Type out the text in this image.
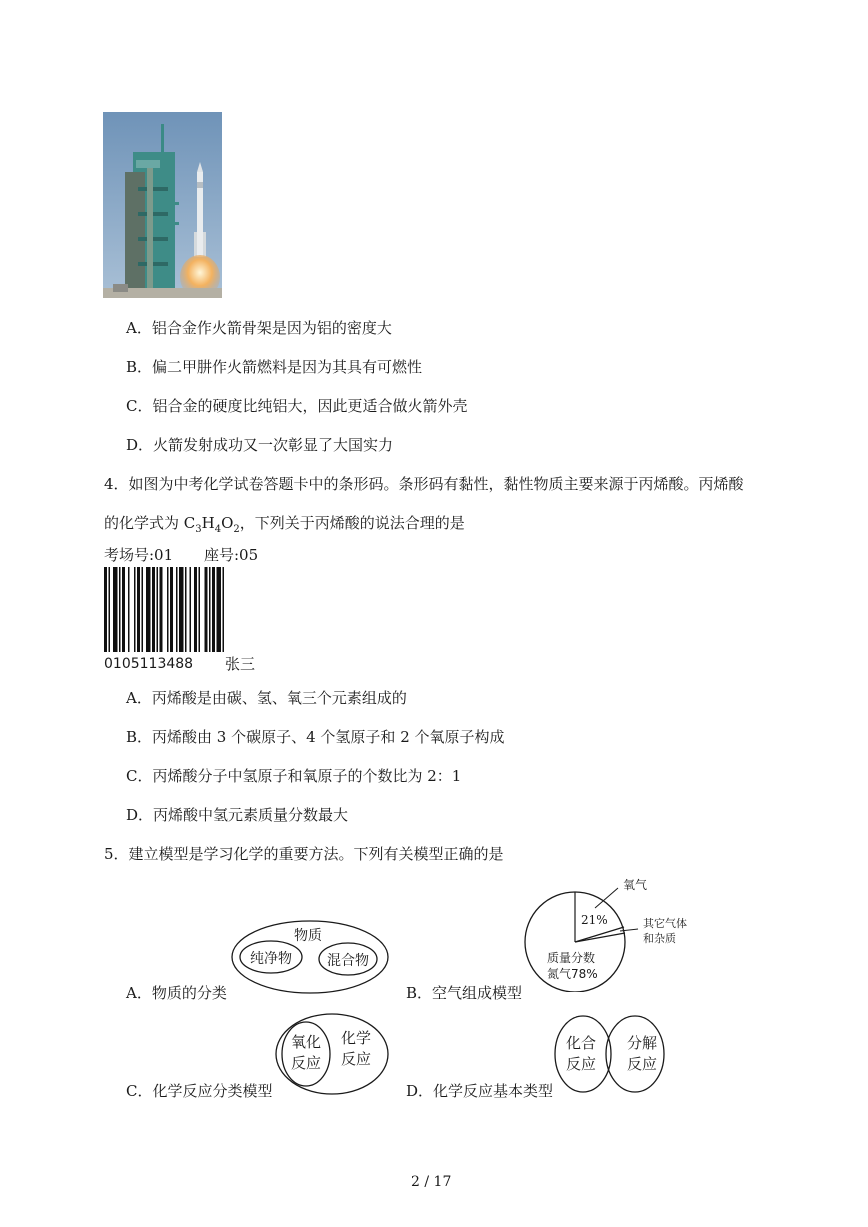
A．铝合金作火箭骨架是因为铝的密度大
B．偏二甲肼作火箭燃料是因为其具有可燃性
C．铝合金的硬度比纯铝大，因此更适合做火箭外壳
D．火箭发射成功又一次彰显了大国实力
4．如图为中考化学试卷答题卡中的条形码。条形码有黏性，黏性物质主要来源于丙烯酸。丙烯酸
的化学式为 $C_3H_4O_2$，下列关于丙烯酸的说法合理的是
考场号:01 座号:05
0105113488 张三
A．丙烯酸是由碳、氢、氧三个元素组成的
B．丙烯酸由 3 个碳原子、4 个氢原子和 2 个氧原子构成
C．丙烯酸分子中氢原子和氧原子的个数比为 2：1
D．丙烯酸中氢元素质量分数最大
5．建立模型是学习化学的重要方法。下列有关模型正确的是
物质
纯净物	混合物
A．物质的分类
氧气
21%	其它气体
和杂质
质量分数
氮气78%
B．空气组成模型
氧化
反应
化学
反应
C．化学反应分类模型
化合
反应
分解
反应
D．化学反应基本类型
2 / 17
